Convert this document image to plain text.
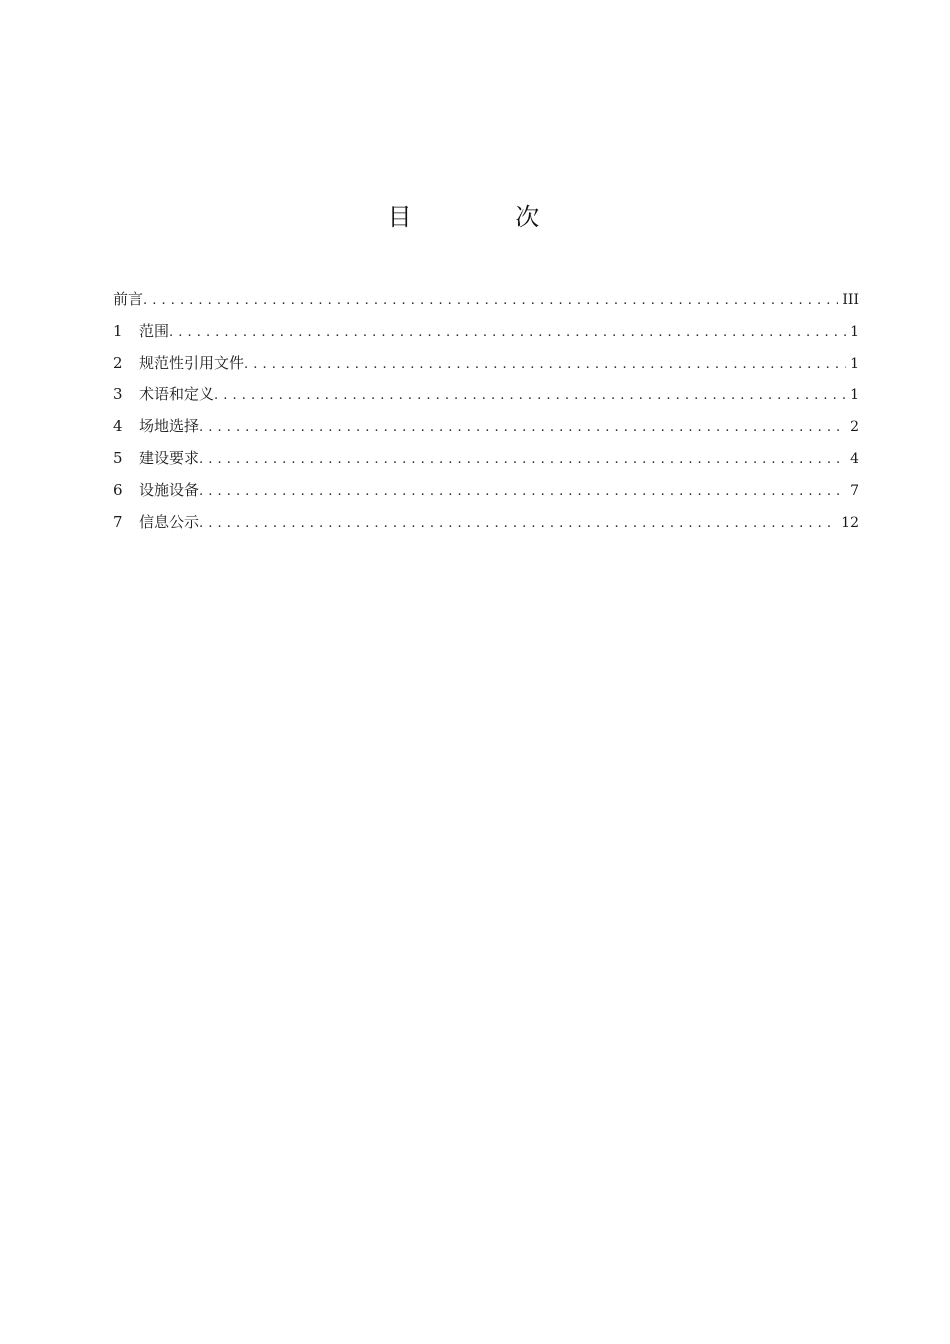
目 次
前言 .....	III
1	范围 .....	1
2	规范性引用文件 .....	1
3	术语和定义 .....	1
4	场地选择 .....	2
5	建设要求 .....	4
6	设施设备 .....	7
7	信息公示 .....	12
